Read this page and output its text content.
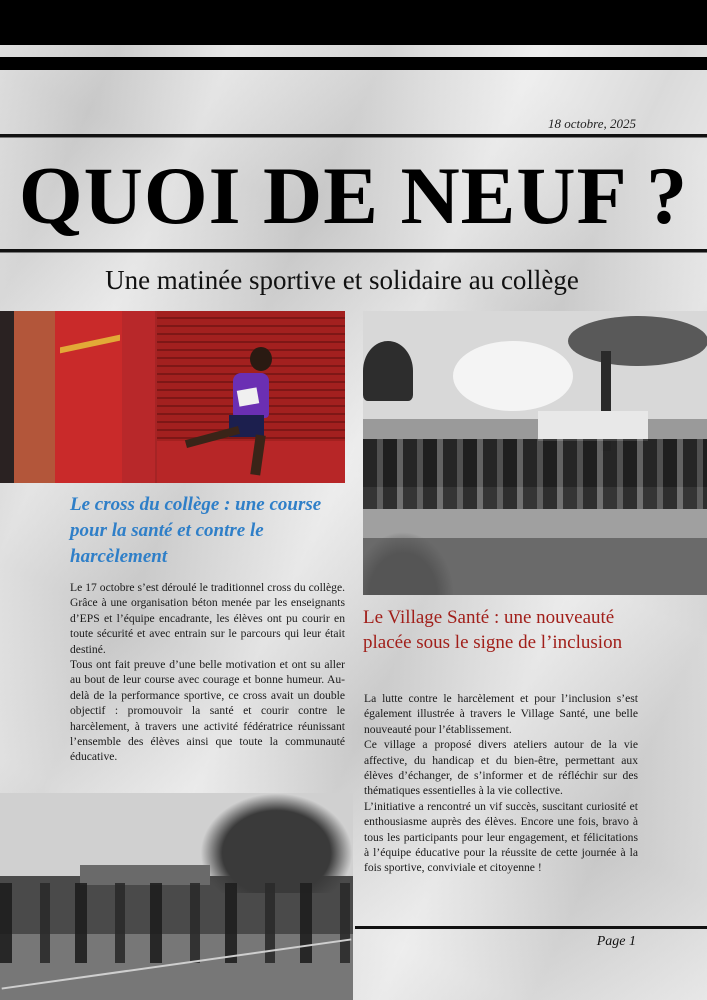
18 octobre, 2025
QUOI DE NEUF ?
Une matinée sportive et solidaire au collège
Le cross du collège : une course pour la santé et contre le harcèlement

Le 17 octobre s’est déroulé le traditionnel cross du collège. Grâce à une organisation béton menée par les enseignants d’EPS et l’équipe encadrante, les élèves ont pu courir en toute sécurité et avec entrain sur le parcours qui leur était destiné.

Tous ont fait preuve d’une belle motivation et ont su aller au bout de leur course avec courage et bonne humeur. Au-delà de la performance sportive, ce cross avait un double objectif : promouvoir la santé et courir contre le harcèlement, à travers une activité fédératrice réunissant l’ensemble des élèves ainsi que toute la communauté éducative.

Le Village Santé : une nouveauté placée sous le signe de l’inclusion

La lutte contre le harcèlement et pour l’inclusion s’est également illustrée à travers le Village Santé, une belle nouveauté pour l’établissement.

Ce village a proposé divers ateliers autour de la vie affective, du handicap et du bien-être, permettant aux élèves d’échanger, de s’informer et de réfléchir sur des thématiques essentielles à la vie collective.

L’initiative a rencontré un vif succès, suscitant curiosité et enthousiasme auprès des élèves. Encore une fois, bravo à tous les participants pour leur engagement, et félicitations à l’équipe éducative pour la réussite de cette journée à la fois sportive, conviviale et citoyenne !

Page 1
